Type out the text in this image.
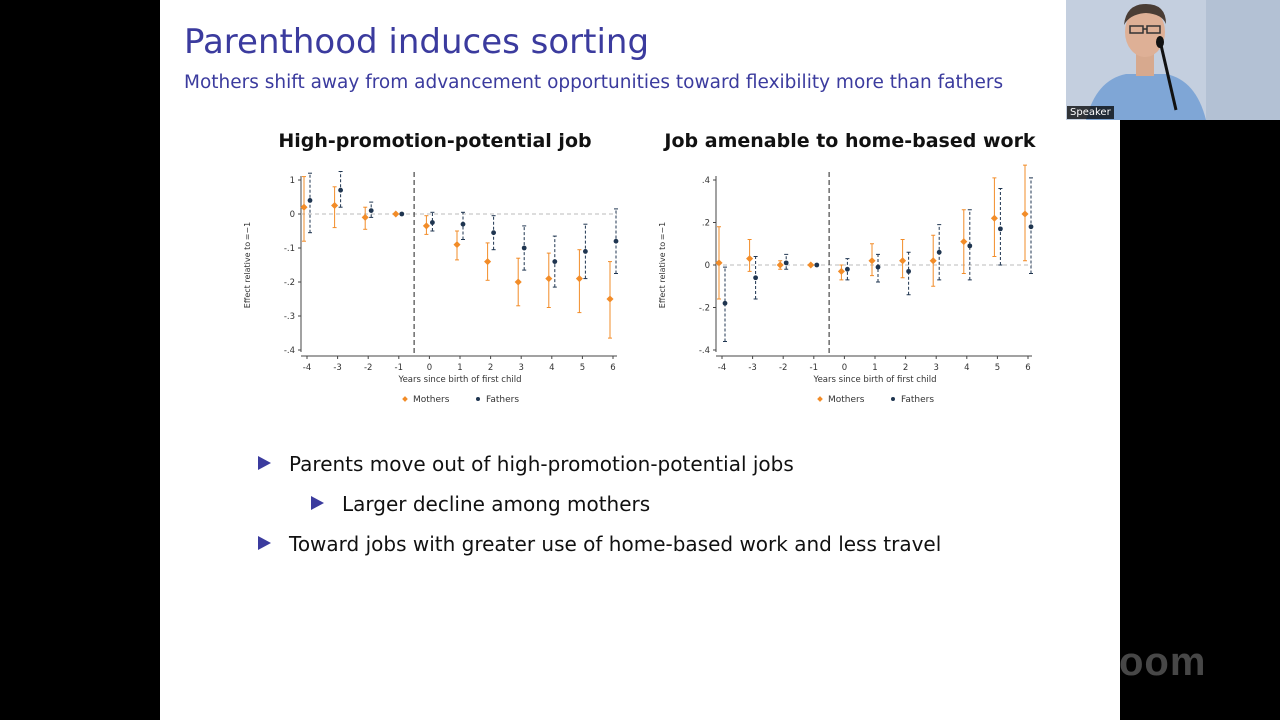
Parenthood induces sorting
Mothers shift away from advancement opportunities toward flexibility more than fathers
High-promotion-potential job	Job amenable to home-based work
1
0
-.1
-.2
-.3
-.4
-4	-3	-2	-1	0	1	2	3	4	5	6
Years since birth of first child
Effect relative to =−1
Mothers	Fathers
.4
.2
0
-.2
-.4
-4	-3	-2	-1	0	1	2	3	4	5	6
Years since birth of first child
Effect relative to =−1
Mothers	Fathers
Parents move out of high-promotion-potential jobs
Larger decline among mothers
Toward jobs with greater use of home-based work and less travel
Speaker
zoom
